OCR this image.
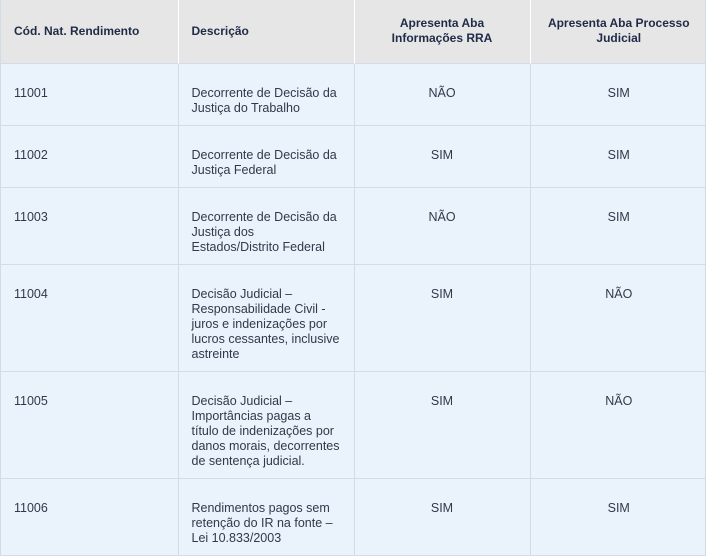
Cód. Nat. Rendimento	Descrição	Apresenta Aba Informações RRA	Apresenta Aba Processo Judicial
11001	Decorrente de Decisão da Justiça do Trabalho	NÃO	SIM
11002	Decorrente de Decisão da Justiça Federal	SIM	SIM
11003	Decorrente de Decisão da Justiça dos Estados/Distrito Federal	NÃO	SIM
11004	Decisão Judicial – Responsabilidade Civil - juros e indenizações por lucros cessantes, inclusive astreinte	SIM	NÃO
11005	Decisão Judicial – Importâncias pagas a título de indenizações por danos morais, decorrentes de sentença judicial.	SIM	NÃO
11006	Rendimentos pagos sem retenção do IR na fonte – Lei 10.833/2003	SIM	SIM
